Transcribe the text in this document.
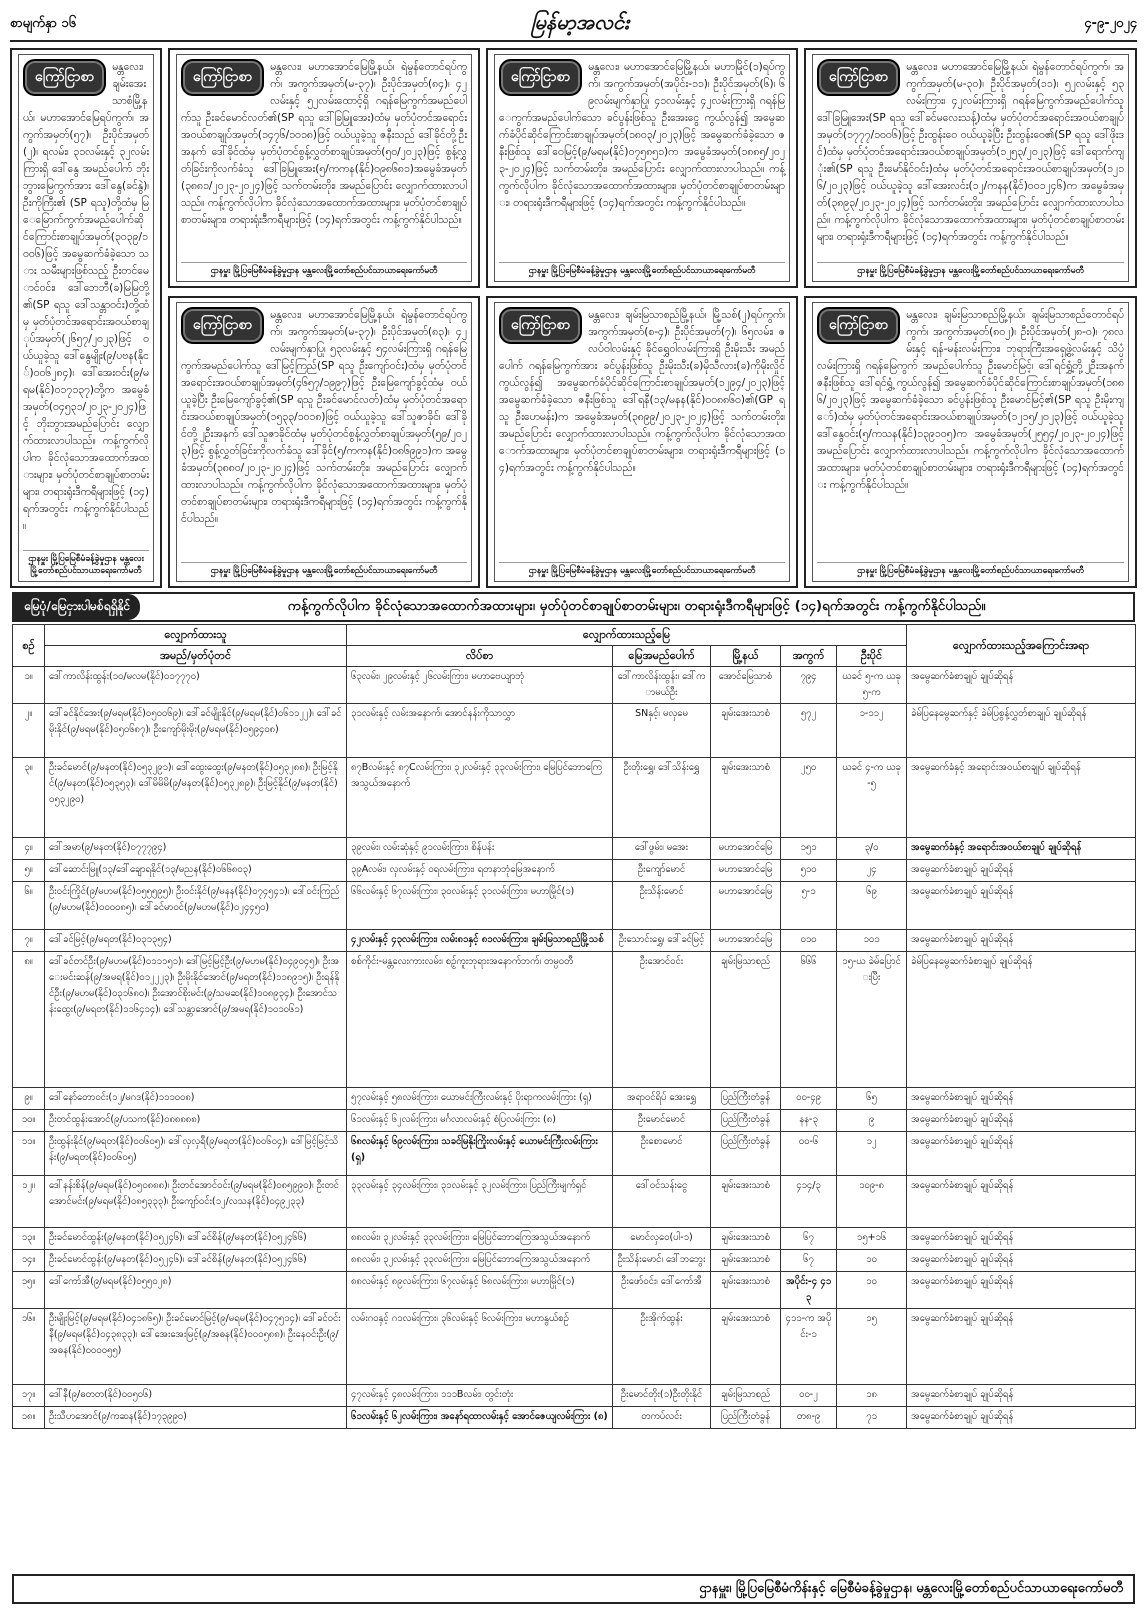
စာမျက်နှာ ၁၆	မြန်မာ့အလင်း	၄-၉-၂၀၂၄
ကြော်ငြာစာ
မန္တလေး၊ ချမ်းအေးသာစံမြို့နယ်၊ မဟာအောင်မြေရပ်ကွက်၊ အကွက်အမှတ်(၅၇)၊ ဦးပိုင်အမှတ်(၂)၊ ရလမ်း၊ ၃၁လမ်းနှင့် ၃၂လမ်းကြားရှိ ဒေါ်နွေ အမည်ပေါက် ဘိုးဘွားမြေကွက်အား ဒေါ်နွေ(ခင်နွဲ)၊ ဦးကိုကြီး၏ (SP ရသူ)တို့ထံမှ မြေမြောက်ကွက်အမည်ပေါက်ဆိုင်ကြောင်းစာချုပ်အမှတ်(၃၀၃၉/၁၀၀၆)ဖြင့် အမွေဆက်ခံခဲ့သော သား သမီးများဖြစ်သည့် ဦးတင်မောင်ဝင်း၊ ဒေါ်ဘေဘီ(ခ)မြမြတို့၏(SP ရသူ ဒေါ်သန္တာဝင်း)တို့ထံမှ မှတ်ပုံတင်အရောင်းအဝယ်စာချုပ်အမှတ်(၂၆၅၇/၂၀၂၃)ဖြင့် ဝယ်ယူခဲ့သူ ဒေါ်နွေမျိုး(၉/ပဗန(နိုင်)၀၀၆၂၈၄)၊ ဒေါ်အေးဝင်း(၉/မရမ(နိုင်)၀၁၇၁၃၇)တို့က အမွေခံအမှတ်(၀၄၅၃၁/၂၀၂၃-၂၀၂၄)ဖြင့် ဘိုးဘွားအမည်ပြောင်း လျှောက်ထားလာပါသည်။ ကန့်ကွက်လိုပါက ခိုင်လုံသောအထောက်အထားများ၊ မှတ်ပုံတင်စာချုပ်စာတမ်းများ၊ တရားရုံးဒီကရီများဖြင့် (၁၄)ရက်အတွင်း ကန့်ကွက်နိုင်ပါသည်။
ဌာနမှူး မြို့ပြမြေစီမံခန့်ခွဲမှုဌာန မန္တလေးမြို့တော်စည်ပင်သာယာရေးကော်မတီ
ကြော်ငြာစာ
မန္တလေး၊ မဟာအောင်မြေမြို့နယ်၊ ရဲမွန်တောင်ရပ်ကွက်၊ အကွက်အမှတ်(မ-၃၇)၊ ဦးပိုင်အမှတ်(၈၄)၊ ၄၂လမ်းနှင့် ၅၂လမ်းထောင့်ရှိ ဂရန်မြေကွက်အမည်ပေါက်သူ ဦးခင်မောင်လတ်၏(SP ရသူ ဒေါ်ခြမြူအေး)ထံမှ မှတ်ပုံတင်အရောင်းအဝယ်စာချုပ်အမှတ်(၁၄၇၆/၁၀၁၈)ဖြင့် ဝယ်ယူခဲ့သူ ဇနီးသည် ဒေါ်ခိုင်တို့ဦးအနက် ဒေါ်ခိုင်ထံမှ မှတ်ပုံတင်စွန့်လွှတ်စာချုပ်အမှတ်(၅၀/၂၀၂၃)ဖြင့် စွန့်လွှတ်ခြင်းကိုလက်ခံသူ ဒေါ်ခြမြူအေး(၅/ကကန(နိုင်)၀၉၈၆၈၁)အမွေခံအမှတ်(၃၈၈၁/၂၀၂၃-၂၀၂၄)ဖြင့် သက်တမ်းတိုး၊ အမည်ပြောင်း လျှောက်ထားလာပါသည်။ ကန့်ကွက်လိုပါက ခိုင်လုံသောအထောက်အထားများ၊ မှတ်ပုံတင်စာချုပ်စာတမ်းများ၊ တရားရုံးဒီကရီများဖြင့် (၁၄)ရက်အတွင်း ကန့်ကွက်နိုင်ပါသည်။
ဌာနမှူး မြို့ပြမြေစီမံခန့်ခွဲမှုဌာန မန္တလေးမြို့တော်စည်ပင်သာယာရေးကော်မတီ
ကြော်ငြာစာ
မန္တလေး၊ မဟာအောင်မြေမြို့နယ်၊ မဟာမြိုင်(၁)ရပ်ကွက်၊ အကွက်အမှတ်(အပိုင်း-၁၁)၊ ဦးပိုင်အမှတ်(၆)၊ ၆၉လမ်းမျက်နှာပြု၊ ၄၁လမ်းနှင့် ၄၂လမ်းကြားရှိ ဂရန်မြေကွက်အမည်ပေါက်သော ခင်ပွန်းဖြစ်သူ ဦးအေးငွေ ကွယ်လွန်၍ အမွေဆက်ခံပိုင်ဆိုင်ကြောင်းစာချုပ်အမှတ်(၁၈၀၃/၂၀၂၃)ဖြင့် အမွေဆက်ခံခဲ့သော ဇနီးဖြစ်သူ ဒေါ်ဝေမြင့်(၉/မရမ(နိုင်)၀၇၅၈၅၁)က အမွေခံအမှတ်(၁၈၈၅/၂၀၂၃-၂၀၂၄)ဖြင့် သက်တမ်းတိုး၊ အမည်ပြောင်း လျှောက်ထားလာပါသည်။ ကန့်ကွက်လိုပါက ခိုင်လုံသောအထောက်အထားများ၊ မှတ်ပုံတင်စာချုပ်စာတမ်းများ၊ တရားရုံးဒီကရီများဖြင့် (၁၄)ရက်အတွင်း ကန့်ကွက်နိုင်ပါသည်။
ဌာနမှူး မြို့ပြမြေစီမံခန့်ခွဲမှုဌာန မန္တလေးမြို့တော်စည်ပင်သာယာရေးကော်မတီ
ကြော်ငြာစာ
မန္တလေး၊ မဟာအောင်မြေမြို့နယ်၊ ရဲမွန်တောင်ရပ်ကွက်၊ အကွက်အမှတ်(မ-၃၀)၊ ဦးပိုင်အမှတ်(၁၁)၊ ၅၂လမ်းနှင့် ၅၃လမ်းကြား၊ ၄၂လမ်းကြားရှိ ဂရန်မြေကွက်အမည်ပေါက်သူ ဒေါ်ခြမြူအေး(SP ရသူ ဒေါ်ခင်မလေးသန့်)ထံမှ မှတ်ပုံတင်အရောင်းအဝယ်စာချုပ်အမှတ်(၁၇၇၇/၁၀၀၆)ဖြင့် ဦးထွန်းဝေ ဝယ်ယူခဲ့ပြီး ဦးထွန်းဝေ၏(SP ရသူ ဒေါ်ဖိုးဒင်)ထံမှ မှတ်ပုံတင်အရောင်းအဝယ်စာချုပ်အမှတ်(၁၂၅၃/၂၀၂၃)ဖြင့် ဒေါ်ရောက်ကျုံး၏(SP ရသူ ဦးမော်နိုင်ဝင်း)ထံမှ မှတ်ပုံတင်အရောင်းအဝယ်စာချုပ်အမှတ်(၁၂၁၆/၂၀၂၃)ဖြင့် ဝယ်ယူခဲ့သူ ဒေါ်အေးလင်း(၁၂/ကနန(နိုင်)၀၀၁၂၄၆)က အမွေခံအမှတ်(၃၈၉၃/၂၀၂၃-၂၀၂၄)ဖြင့် သက်တမ်းတိုး၊ အမည်ပြောင်း လျှောက်ထားလာပါသည်။ ကန့်ကွက်လိုပါက ခိုင်လုံသောအထောက်အထားများ၊ မှတ်ပုံတင်စာချုပ်စာတမ်းများ၊ တရားရုံးဒီကရီများဖြင့် (၁၄)ရက်အတွင်း ကန့်ကွက်နိုင်ပါသည်။
ဌာနမှူး မြို့ပြမြေစီမံခန့်ခွဲမှုဌာန မန္တလေးမြို့တော်စည်ပင်သာယာရေးကော်မတီ
ကြော်ငြာစာ
မန္တလေး၊ မဟာအောင်မြေမြို့နယ်၊ ရဲမွန်တောင်ရပ်ကွက်၊ အကွက်အမှတ်(မ-၃၇)၊ ဦးပိုင်အမှတ်(၈၃)၊ ၄၂လမ်းမျက်နှာပြု၊ ၅၃လမ်းနှင့် ၅၄လမ်းကြားရှိ ဂရန်မြေကွက်အမည်ပေါက်သူ ဒေါ်မြင့်ကြည်(SP ရသူ ဦးကျော်ဝင်း)ထံမှ မှတ်ပုံတင်အရောင်းအဝယ်စာချုပ်အမှတ်(၄၆၅၇/၁၉၉၇)ဖြင့် ဦးမြေကျော်ခွင့်ထံမှ ဝယ်ယူခဲ့ပြီး ဦးမြေကျော်ခွင့်၏(SP ရသူ ဦးခင်မောင်လတ်)ထံမှ မှတ်ပုံတင်အရောင်းအဝယ်စာချုပ်အမှတ်(၁၅၃၃/၁၀၁၈)ဖြင့် ဝယ်ယူခဲ့သူ ဒေါ်သူဇာခိုင်၊ ဒေါ်ခိုင်တို့၂ဦးအနက် ဒေါ်သူဇာခိုင်ထံမှ မှတ်ပုံတင်စွန့်လွှတ်စာချုပ်အမှတ်(၅၉/၂၀၂၃)ဖြင့် စွန့်လွှတ်ခြင်းကိုလက်ခံသူ ဒေါ်ခိုင်(၅/ကကန(နိုင်)၀၈၆၉၉၁)က အမွေခံအမှတ်(၃၈၈၀/၂၀၂၃-၂၀၂၄)ဖြင့် သက်တမ်းတိုး၊ အမည်ပြောင်း လျှောက်ထားလာပါသည်။ ကန့်ကွက်လိုပါက ခိုင်လုံသောအထောက်အထားများ၊ မှတ်ပုံတင်စာချုပ်စာတမ်းများ၊ တရားရုံးဒီကရီများဖြင့် (၁၄)ရက်အတွင်း ကန့်ကွက်နိုင်ပါသည်။
ဌာနမှူး မြို့ပြမြေစီမံခန့်ခွဲမှုဌာန မန္တလေးမြို့တော်စည်ပင်သာယာရေးကော်မတီ
ကြော်ငြာစာ
မန္တလေး၊ ချမ်းမြသာစည်မြို့နယ်၊ မြို့သစ်(၂)ရပ်ကွက်၊ အကွက်အမှတ်(စ-၄)၊ ဦးပိုင်အမှတ်(၇)၊ ၆၅လမ်း၊ ဇလပ်ဝါလမ်းနှင့် ခိုင်ရွှေဝါလမ်းကြားရှိ ဦးမိုးသီး အမည်ပေါက် ဂရန်မြေကွက်အား ခင်ပွန်းဖြစ်သူ ဦးမိုးသီး(ခ)မိုသီလား(ခ)ကိုမိုးလှိုင် ကွယ်လွန်၍ အမွေဆက်ခံပိုင်ဆိုင်ကြောင်းစာချုပ်အမှတ်(၁၂၉၄/၂၀၂၃)ဖြင့် အမွေဆက်ခံခဲ့သော ဇနီးဖြစ်သူ ဒေါ်ရနီ(၁၃/မနန(နိုင်)၀၀၈၈၆၀)၏(GP ရသူ ဦးဟေမန်း)က အမွေခံအမှတ်(၃၈၉၉/၂၀၂၃-၂၀၂၄)ဖြင့် သက်တမ်းတိုး၊ အမည်ပြောင်း လျှောက်ထားလာပါသည်။ ကန့်ကွက်လိုပါက ခိုင်လုံသောအထောက်အထားများ၊ မှတ်ပုံတင်စာချုပ်စာတမ်းများ၊ တရားရုံးဒီကရီများဖြင့် (၁၄)ရက်အတွင်း ကန့်ကွက်နိုင်ပါသည်။
ဌာနမှူး မြို့ပြမြေစီမံခန့်ခွဲမှုဌာန မန္တလေးမြို့တော်စည်ပင်သာယာရေးကော်မတီ
ကြော်ငြာစာ
မန္တလေး၊ ချမ်းမြသာစည်မြို့နယ်၊ ချမ်းမြသာစည်တောင်ရပ်ကွက်၊ အကွက်အမှတ်(၈၀၂)၊ ဦးပိုင်အမှတ်(၂၈-ဝ)၊ ၇၈လမ်းနှင့် ရန်-မန်းလမ်းကြား၊ ဘုရားကြီးအရှေ့ဖွဲ့လမ်းနှင့် သိပ္ပံလမ်းကြားရှိ ဂရန်မြေကွက် အမည်ပေါက်သူ ဦးမောင်မြင့်၊ ဒေါ်ရင်ရွှံ့တို့၂ဦးအနက် ဇနီးဖြစ်သူ ဒေါ်ရင်ရွှံ့ ကွယ်လွန်၍ အမွေဆက်ခံပိုင်ဆိုင်ကြောင်းစာချုပ်အမှတ်(၁၈၈၆/၂၀၂၃)ဖြင့် အမွေဆက်ခံခဲ့သော ခင်ပွန်းဖြစ်သူ ဦးမောင်မြင့်၏(SP ရသူ ဦးမိုးကျော်)ထံမှ မှတ်ပုံတင်အရောင်းအဝယ်စာချုပ်အမှတ်(၁၂၁၅/၂၀၂၃)ဖြင့် ဝယ်ယူခဲ့သူ ဒေါ်နွေဝင်း(၅/ကသန(နိုင်)၁၃၉၁၀၅)က အမွေခံအမှတ်(၂၅၅၄/၂၀၂၃-၂၀၂၄)ဖြင့် အမည်ပြောင်း လျှောက်ထားလာပါသည်။ ကန့်ကွက်လိုပါက ခိုင်လုံသောအထောက်အထားများ၊ မှတ်ပုံတင်စာချုပ်စာတမ်းများ၊ တရားရုံးဒီကရီများဖြင့် (၁၄)ရက်အတွင်း ကန့်ကွက်နိုင်ပါသည်။
ဌာနမှူး မြို့ပြမြေစီမံခန့်ခွဲမှုဌာန မန္တလေးမြို့တော်စည်ပင်သာယာရေးကော်မတီ
မြေပုံ/မြေငှားပါမစ်ရရှိနိုင်	ကန့်ကွက်လိုပါက ခိုင်လုံသောအထောက်အထားများ၊ မှတ်ပုံတင်စာချုပ်စာတမ်းများ၊ တရားရုံးဒီကရီများဖြင့် (၁၄)ရက်အတွင်း ကန့်ကွက်နိုင်ပါသည်။
စဉ်	လျှောက်ထားသူ	လျှောက်ထားသည့်မြေ					လျှောက်ထားသည့်အကြောင်းအရာ
	အမည်/မှတ်ပုံတင်	လိပ်စာ	မြေအမည်ပေါက်	မြို့နယ်	အကွက်	ဦးပိုင်	
၁။	ဒေါ်ကာလိန်းထွန်း(၁၀/မလမ(နိုင်)၀၁၇၇၇၀)	၆၃လမ်း၊ ၂၉လမ်းနှင့် ၂၆လမ်းကြား၊ မဟာဗေယျာဘုံ	ဒေါ်ကာလိန်းထွန်း၊ ဒေါ်ကာမယ်ဦး	အောင်မြေသာစံ	၇၉၄	ယခင် ၅-က ယခု ၅-က	အမွေဆက်ခံစာချုပ် ချုပ်ဆိုရန်
၂။	ဒေါ်ခင်နိုင်အေး(၉/မရမ(နိုင်)၀၅၀၀၆၉)၊ ဒေါ်ခင်မျိုးနိုင်(၉/မရမ(နိုင်)၀၆၁၁၂၂)၊ ဒေါ်ခင်မိုးနိုင်(၉/မရမ(နိုင်)၀၅၀၆၈၇)၊ ဦးကျော်မိုးမိုး(၉/မရမ(နိုင်)၀၅၉၄၀၈)	၃၁လမ်းနှင့် လမ်းအနောက်၊ အောင်နန်းကိုသာလွှာ	SNနှင့်၊ မလှမေ	ချမ်းအေးသာစံ	၅၇၂	၁-၁၁၂	ခဲမ်ပြနေမွေဆက်နှင့် ခဲမ်ပြစွန့်လွှတ်စာချုပ် ချုပ်ဆိုရန်
၃။	ဦးခင်မောင်(၉/မနတ(နိုင်)၀၅၃၂၉၁)၊ ဒေါ်ထွေးထွေး(၉/မနတ(နိုင်)၀၅၃၂၈၈)၊ ဦးမြင့်နိုင်(၉/မနတ(နိုင်)၀၅၃၅၃)၊ ဒေါ်မိမိမိ(၉/မနတ(နိုင်)၀၅၃၂၈၉)၊ ဦးမြင့်နိုင်(၉/မနတ(နိုင်)၀၅၃၂၉၀)	၈၇Bလမ်းနှင့် ၈၇Cလမ်းကြား၊ ၃၂လမ်းနှင့် ၃၃လမ်းကြား၊ မြေပြင်ဘောကြေအသွယ်အနောက်	ဦးတိုးရွှေ၊ ဒေါ်သိန်းရွှေ	ချမ်းအေးသာစံ	၂၅၀	ယခင် ၄-က ယခု-၅	အမွေဆက်ခံနှင့် အရောင်းအဝယ်စာချုပ် ချုပ်ဆိုရန်
၄။	ဒေါ်အမာ(၉/မနတ(နိုင်)၀၇၇၇၉၄)	၃၉လမ်း၊ လမ်းဆုံနှင့် ၉၁လမ်းကြား၊ စိန်ပန်း	ဒေါ်ဖွမ်း၊ မအေး	မဟာအောင်မြေ	၁၅၁	၃/၀	အမွေဆက်ခံနှင့် အရောင်းအဝယ်စာချုပ် ချုပ်ဆိုရန်
၅။	ဒေါ်ဆောင်းမြူ(၁၃/ဒေါ်ချောရနိုင်(၁၃/မညန(နိုင်)၀၆၆၈၀၃)	၃၉Aလမ်း၊ လှလမ်းနှင့် ဝရလမ်းကြား၊ ရတနာဘုံမြေအနောက်	ဦးကျော်မောင်	မဟာအောင်မြေ	၅၁၀	၂၄	အမွေဆက်ခံစာချုပ် ချုပ်ဆိုရန်
၆။	ဦးဝင်းကြိုင်(၉/မဟမ(နိုင်)၀၅၅၅၉၅)၊ ဦးဝင်းနိုင်(၉/မနန(နိုင်)၀၇၄၅၄၁)၊ ဒေါ်ဝင်းကြည်(၉/မဟမ(နိုင်)၀၀၀၀၈၅)၊ ဒေါ်ခင်မာဝင်(၉/မဟမ(နိုင်)၀၂၄၄၅၀)	၆၆လမ်းနှင့် ၆၇လမ်းကြား၊ ၃၀လမ်းနှင့် ၃၁လမ်းကြား၊ မဟာမြိုင်(၁)	ဦးသိန်းမောင်	မဟာအောင်မြေ	၅-၁	၆၉	အမွေဆက်ခံစာချုပ် ချုပ်ဆိုရန်
၇။	ဒေါ်ခင်မြင့်(၉/မရတ(နိုင်)၀၃၁၃၅၄)	၄၂လမ်းနှင့် ၄၃လမ်းကြား၊ လမ်း၈၁နှင့် ၈၁လမ်းကြား၊ ချမ်းမြသာစည်မြို့သစ်	ဦးသောင်းရွှေ၊ ဒေါ်ခင်မြင့်	မဟာအောင်မြေ	၀၁၀	၁၀၁	အမွေဆက်ခံစာချုပ် ချုပ်ဆိုရန်
၈။	ဒေါ်ခင်တင်ဦး(၉/မဟမ(နိုင်)၀၁၁၁၅၁)၊ ဒေါ်မြင့်မြင့်ဦး(၉/မဟမ(နိုင်)၀၄၉၀၄၅)၊ ဦးအေးမင်းဆန်(၉/အမရ(နိုင်)၀၁၂၂၂၃)၊ ဦးမိုးနိုင်အောင်(၉/မရတ(နိုင်)၁၁၈၉၁၅)၊ ဦးရန်နိုင်ဦး(၉/မဟမ(နိုင်)၀၃၁၆၈၀)၊ ဦးအောင်စိုးမင်း(၉/သမဆ(နိုင်)၁၀၈၉၃၄)၊ ဦးအောင်သန်းထွေး(၉/မရတ(နိုင်)၁၁၆၄၁၄)၊ ဒေါ်သန္တာအောင်(၉/အမရ(နိုင်)၁၀၁၀၆၁)	စစ်ကိုင်း-မန္တလေးကားလမ်း၊ စဉ့်ကူးဘုရားအနောက်ဘက်၊ တမ္ပဝတီ	ဦးအောင်ဝင်း	ချမ်းမြသာစည်	၆၆၆	၁၅-ယ ခဲမ်ပြောင်းပြီး	ခဲမ်ပြနေမွေဆက်ခံစာချုပ် ချုပ်ဆိုရန်
၉။	ဒေါ်နော်တောဝင်း(၁၂/မဂဒ(နိုင်)၁၁၁၀၀၈)	၅၇လမ်းနှင့် ၅၈လမ်းကြား၊ ယောမင်းကြီးလမ်းနှင့် ပိုးရာကလမ်းကြား (ရှ)	အရာဝင်ရိပ် အေးရွှေ	ပြည်ကြီးတံခွန်	၀၀-၄၉	၆၅	အမွေဆက်ခံစာချုပ် ချုပ်ဆိုရန်
၁၀။	ဦးတင်ထွန်းအောင်(၉/ပသက(နိုင်)၀၈၈၈၈၈)	၆၁လမ်းနှင့် ၆၂လမ်းကြား၊ မင်္ဂလာလမ်းနှင့် စံပြလမ်းကြား (၈)	ဦးမောင်မောင်	ပြည်ကြီးတံခွန်	နန-၃	၉	အမွေဆက်ခံစာချုပ် ချုပ်ဆိုရန်
၁၁။	ဦးထွန်းနိုင်(၉/မရတ(နိုင်)၀၀၆၀၅)၊ ဒေါ်လှလှရီ(၉/မရတ(နိုင်)၀၀၆၀၄)၊ ဒေါ်မြင့်မြင့်သိန်း(၉/မရတ(နိုင်)၀၀၆၀၅)	၆၈လမ်းနှင့် ၆၉လမ်းကြား၊ သခင်မြနိုးကြိုးလမ်းနှင့် ယောမင်းကြီးလမ်းကြား (ရှ)	ဦးစောမောင်	ပြည်ကြီးတံခွန်	၀၀-၆	၁၂	အမွေဆက်ခံစာချုပ် ချုပ်ဆိုရန်
၁၂။	ဒေါ်နန်းစိန်(၉/မရမ(နိုင်)၀၅၀၈၈၈)၊ ဦးတင်အောင်ဝင်း(၉/မရမ(နိုင်)၀၈၅၉၉၀)၊ ဦးတင်အောင်မင်း(၉/မရမ(နိုင်)၀၈၅၃၃၃)၊ ဦးကျော်ဝင်း(၁၂/လသန(နိုင်)၀၄၉၂၃၃)	၃၃လမ်းနှင့် ၃၄လမ်းကြား၊ ၃၁လမ်းနှင့် ၃၂လမ်းကြား၊ ပြည်ကြီးမျက်ရှင်	ဒေါ်ဝင်သန်းငွေ	ချမ်းအေးသာစံ	၄၁၄/၃	၁၀၉-၈	အမွေဆက်ခံစာချုပ် ချုပ်ဆိုရန်
၁၃။	ဦးခင်မောင်ထွန်း(၉/မနတ(နိုင်)၀၅၂၄၆)၊ ဒေါ်ခင်စိန်(၉/မနတ(နိုင်)၀၅၂၄၆၆)	၈၈လမ်း၊ ၃၂လမ်းနှင့် ၃၃လမ်းကြား၊ မြေပြင်ဘောကြေအသွယ်အနောက်	မောင်လှဝေ(ပါ-၁)	ချမ်းအေးသာစံ	၆၇	၁၅+၁၆	အမွေဆက်ခံစာချုပ် ချုပ်ဆိုရန်
၁၄။	ဦးခင်မောင်ထွန်း(၉/မနတ(နိုင်)၀၅၂၄၆)၊ ဒေါ်ခင်စိန်(၉/မနတ(နိုင်)၀၅၂၄၆၆)	၈၈လမ်း၊ ၃၂လမ်းနှင့် ၃၃လမ်းကြား၊ မြေပြင်ဘောကြေအသွယ်အနောက်	ဦးသိန်းမောင်၊ ဒေါ်ဘဘွေး	ချမ်းအေးသာစံ	၆၇	၁၀	အမွေဆက်ခံစာချုပ် ချုပ်ဆိုရန်
၁၅။	ဒေါ်ကော်အီ(၉/မရမ(နိုင်)၀၅၅၀၂၈)	၈၈လမ်းနှင့် ၈၉လမ်းကြား၊ ၆၇လမ်းနှင့် ၆၈လမ်းကြား၊ မဟာမြိုင်(၁)	ဦးဖော်ဝင်း၊ ဒေါ်ကော်အီ	ချမ်းအေးသာစံ	အပိုင်း-၄ ၄၁၃	၁၀	အမွေဆက်ခံစာချုပ် ချုပ်ဆိုရန်
၁၆။	ဦးမျိုးမြင့်(၉/မရမ(နိုင်)၀၄၁၈၆၅)၊ ဦးခင်မောင်မြင့်(၉/မရမ(နိုင်)၀၄၇၅၁၄)၊ ဒေါ်ခင်ဝင်းနီ(၉/မရမ(နိုင်)၀၄၃၈၃၃)၊ ဒေါ်အေးအေးမြင့်(၉/အဓန(နိုင်)၀၀၀၅၈၈)၊ ဦးနေဝင်းဦး(၉/အဓန(နိုင်)၀၀၀၀၅၅)	လမ်းဂဝနှင့် ဂ၁လမ်းကြား၊ ၃၆လမ်းနှင့် ၆လမ်းကြား၊ မဟာနွယ်စဉ်	ဦးအိုက်ထွန်း	ချမ်းအေးသာစံ	၄၁၁-က အပိုင်း-၁	၁၅	အမွေဆက်ခံစာချုပ် ချုပ်ဆိုရန်
၁၇။	ဒေါ်နီ(၉/ဓတတ(နိုင်)၀၀၅၀၆)	၄၇လမ်းနှင့် ၄၈လမ်းကြား၊ ၁၁၁Bလမ်း၊ တွင်းတုံး	ဦးမောင်တိုး(၁)ဦးတိုးနိုင်	ချမ်းမြသာစည်	၀၀-၂	၁၈	အမွေဆက်ခံစာချုပ် ချုပ်ဆိုရန်
၁၈။	ဦးသီဟအောင်(၉/ကဆန(နိုင်)၁၇၃၉၉၀)	၆၁လမ်းနှင့် ၆၂လမ်းကြား၊ အနော်ရထာလမ်းနှင့် အောင်ဇေယျလမ်းကြား (၈)	တကပ်လင်း	ပြည်ကြီးတံခွန်	တ၈-၉	၇၁	အမွေဆက်ခံစာချုပ် ချုပ်ဆိုရန်
ဌာနမှူး၊ မြို့ပြမြေစီမံကိန်းနှင့် မြေစီမံခန့်ခွဲမှုဌာန၊ မန္တလေးမြို့တော်စည်ပင်သာယာရေးကော်မတီ
